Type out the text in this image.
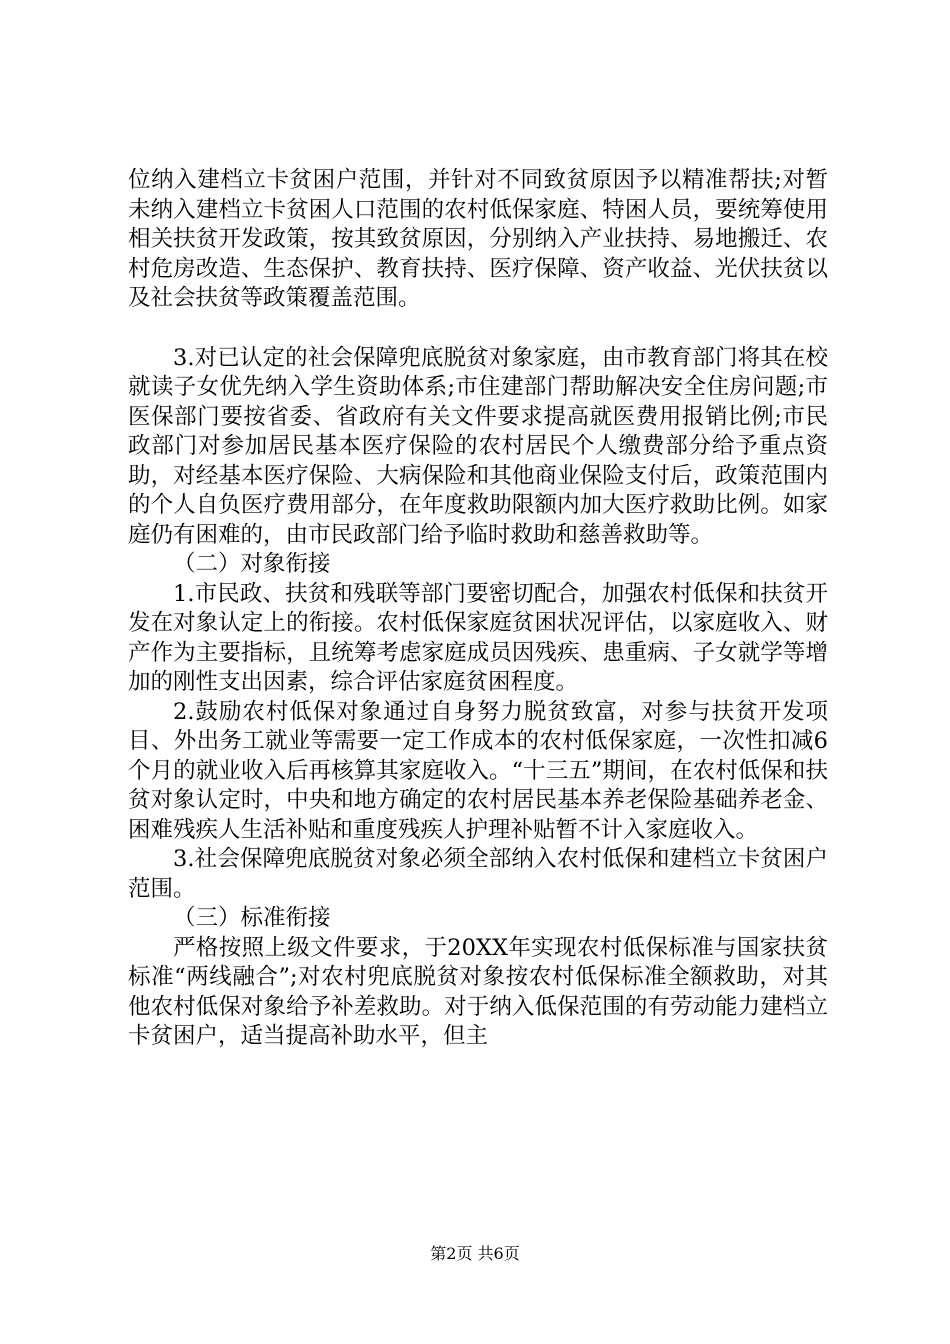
位纳入建档立卡贫困户范围，并针对不同致贫原因予以精准帮扶;对暂未纳入建档立卡贫困人口范围的农村低保家庭、特困人员，要统筹使用相关扶贫开发政策，按其致贫原因，分别纳入产业扶持、易地搬迁、农村危房改造、生态保护、教育扶持、医疗保障、资产收益、光伏扶贫以及社会扶贫等政策覆盖范围。

3.对已认定的社会保障兜底脱贫对象家庭，由市教育部门将其在校就读子女优先纳入学生资助体系;市住建部门帮助解决安全住房问题;市医保部门要按省委、省政府有关文件要求提高就医费用报销比例;市民政部门对参加居民基本医疗保险的农村居民个人缴费部分给予重点资助，对经基本医疗保险、大病保险和其他商业保险支付后，政策范围内的个人自负医疗费用部分，在年度救助限额内加大医疗救助比例。如家庭仍有困难的，由市民政部门给予临时救助和慈善救助等。

（二）对象衔接

1.市民政、扶贫和残联等部门要密切配合，加强农村低保和扶贫开发在对象认定上的衔接。农村低保家庭贫困状况评估，以家庭收入、财产作为主要指标，且统筹考虑家庭成员因残疾、患重病、子女就学等增加的刚性支出因素，综合评估家庭贫困程度。

2.鼓励农村低保对象通过自身努力脱贫致富，对参与扶贫开发项目、外出务工就业等需要一定工作成本的农村低保家庭，一次性扣减6个月的就业收入后再核算其家庭收入。“十三五”期间，在农村低保和扶贫对象认定时，中央和地方确定的农村居民基本养老保险基础养老金、困难残疾人生活补贴和重度残疾人护理补贴暂不计入家庭收入。

3.社会保障兜底脱贫对象必须全部纳入农村低保和建档立卡贫困户范围。

（三）标准衔接

严格按照上级文件要求，于20XX年实现农村低保标准与国家扶贫标准“两线融合”;对农村兜底脱贫对象按农村低保标准全额救助，对其他农村低保对象给予补差救助。对于纳入低保范围的有劳动能力建档立卡贫困户，适当提高补助水平，但主

第2页 共6页
